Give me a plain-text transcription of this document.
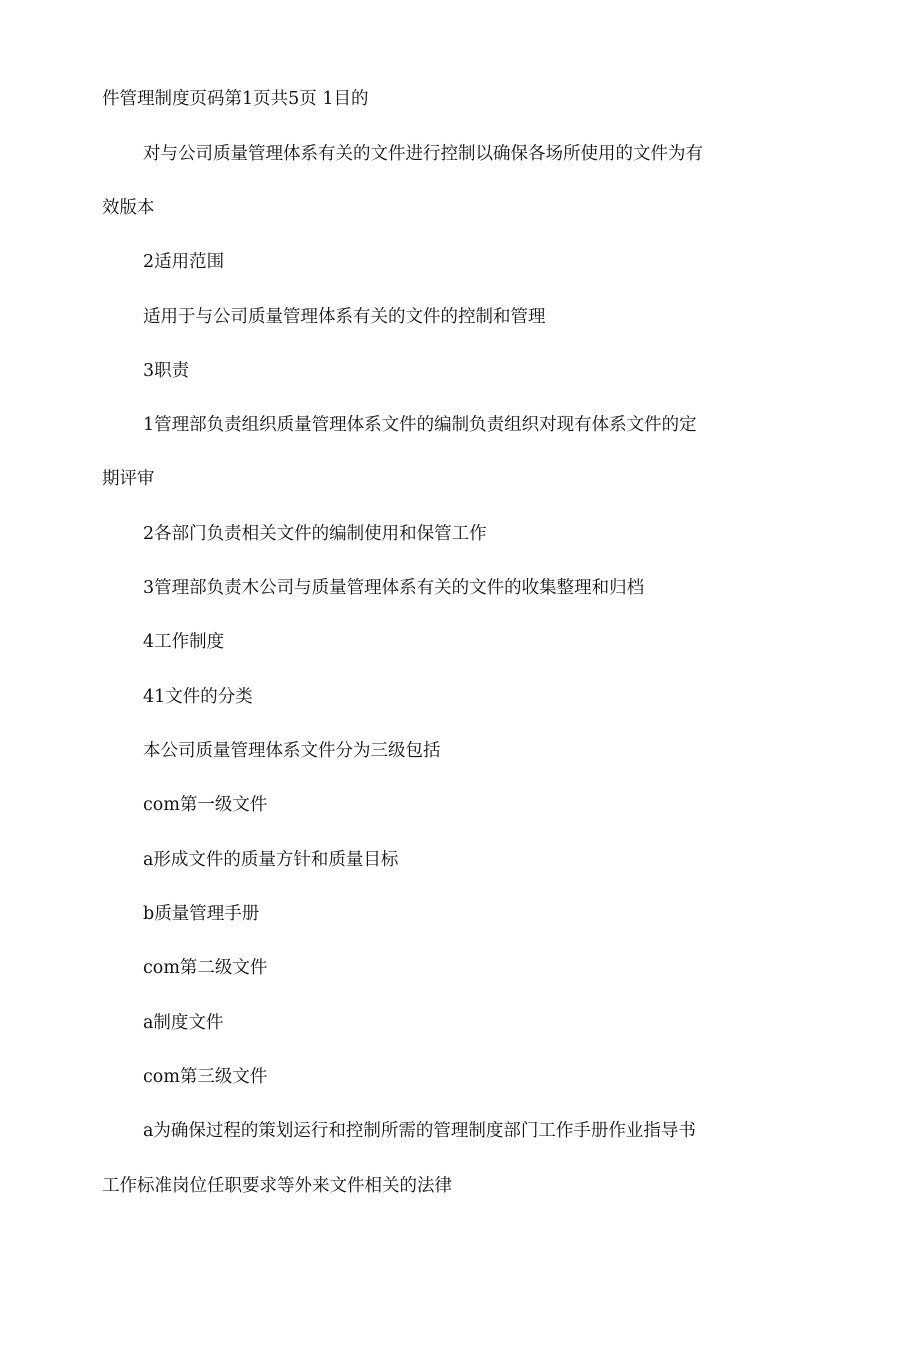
件管理制度页码第1页共5页 1目的
对与公司质量管理体系有关的文件进行控制以确保各场所使用的文件为有
效版本
2适用范围
适用于与公司质量管理体系有关的文件的控制和管理
3职责
1管理部负责组织质量管理体系文件的编制负责组织对现有体系文件的定
期评审
2各部门负责相关文件的编制使用和保管工作
3管理部负责木公司与质量管理体系有关的文件的收集整理和归档
4工作制度
41文件的分类
本公司质量管理体系文件分为三级包括
com第一级文件
a形成文件的质量方针和质量目标
b质量管理手册
com第二级文件
a制度文件
com第三级文件
a为确保过程的策划运行和控制所需的管理制度部门工作手册作业指导书
工作标准岗位任职要求等外来文件相关的法律
